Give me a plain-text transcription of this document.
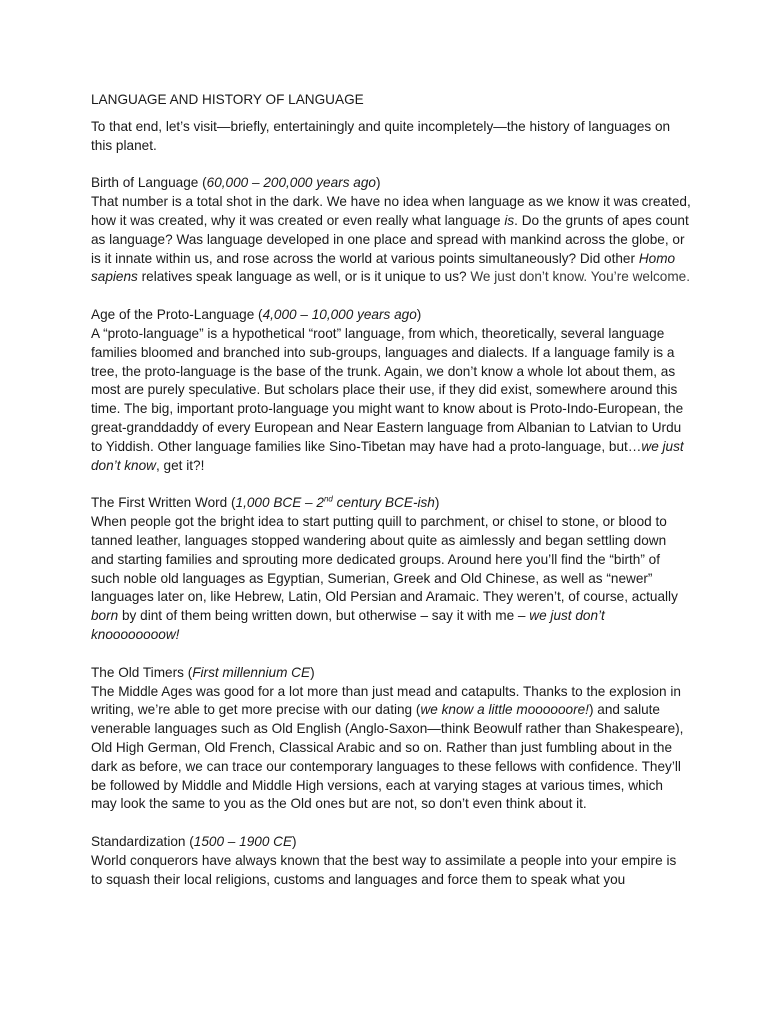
LANGUAGE AND HISTORY OF LANGUAGE

To that end, let’s visit—briefly, entertainingly and quite incompletely—the history of languages on this planet.

Birth of Language (60,000 – 200,000 years ago)

That number is a total shot in the dark. We have no idea when language as we know it was created, how it was created, why it was created or even really what language is. Do the grunts of apes count as language? Was language developed in one place and spread with mankind across the globe, or is it innate within us, and rose across the world at various points simultaneously? Did other Homo sapiens relatives speak language as well, or is it unique to us? We just don’t know. You’re welcome.

Age of the Proto-Language (4,000 – 10,000 years ago)

A “proto-language” is a hypothetical “root” language, from which, theoretically, several language families bloomed and branched into sub-groups, languages and dialects. If a language family is a tree, the proto-language is the base of the trunk. Again, we don’t know a whole lot about them, as most are purely speculative. But scholars place their use, if they did exist, somewhere around this time. The big, important proto-language you might want to know about is Proto-Indo-European, the great-granddaddy of every European and Near Eastern language from Albanian to Latvian to Urdu to Yiddish. Other language families like Sino-Tibetan may have had a proto-language, but…we just don’t know, get it?!

The First Written Word (1,000 BCE – 2nd century BCE-ish)

When people got the bright idea to start putting quill to parchment, or chisel to stone, or blood to tanned leather, languages stopped wandering about quite as aimlessly and began settling down and starting families and sprouting more dedicated groups. Around here you’ll find the “birth” of such noble old languages as Egyptian, Sumerian, Greek and Old Chinese, as well as “newer” languages later on, like Hebrew, Latin, Old Persian and Aramaic. They weren’t, of course, actually born by dint of them being written down, but otherwise – say it with me – we just don’t knoooooooow!

The Old Timers (First millennium CE)

The Middle Ages was good for a lot more than just mead and catapults. Thanks to the explosion in writing, we’re able to get more precise with our dating (we know a little moooooore!) and salute venerable languages such as Old English (Anglo-Saxon—think Beowulf rather than Shakespeare), Old High German, Old French, Classical Arabic and so on. Rather than just fumbling about in the dark as before, we can trace our contemporary languages to these fellows with confidence. They’ll be followed by Middle and Middle High versions, each at varying stages at various times, which may look the same to you as the Old ones but are not, so don’t even think about it.

Standardization (1500 – 1900 CE)

World conquerors have always known that the best way to assimilate a people into your empire is to squash their local religions, customs and languages and force them to speak what you
